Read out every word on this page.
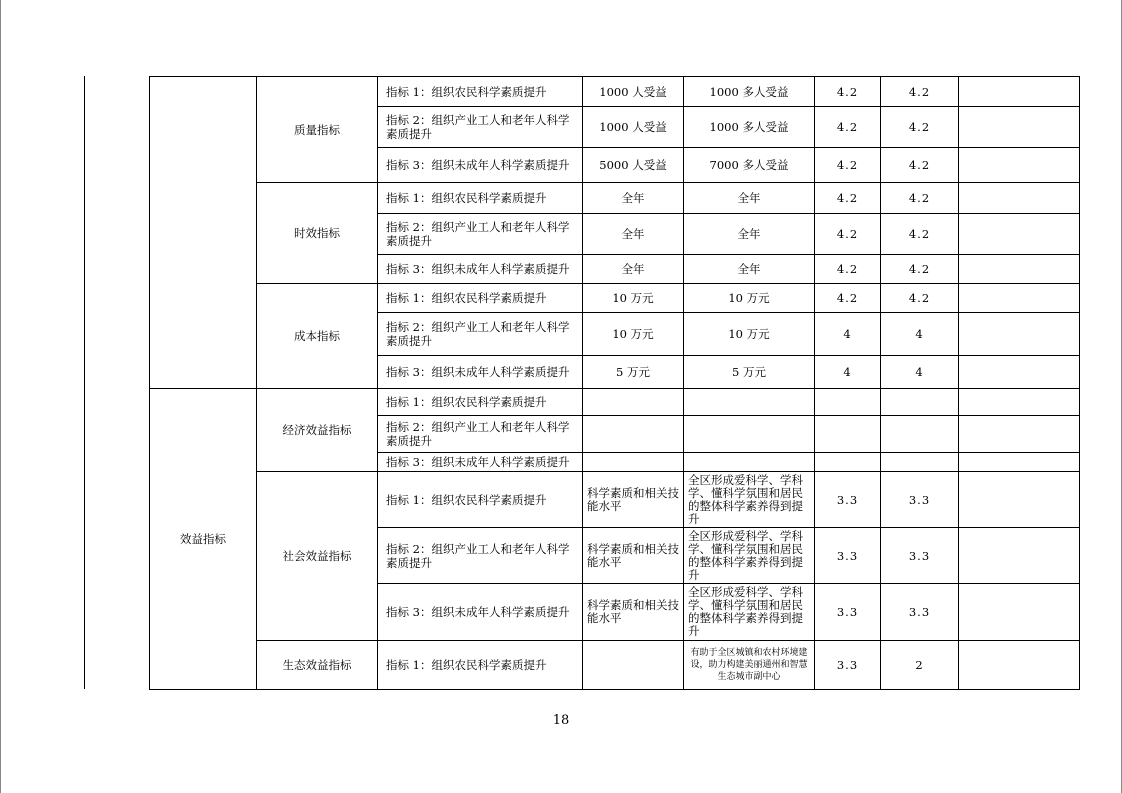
	质量指标	指标 1：组织农民科学素质提升	1000 人受益	1000 多人受益	4.2	4.2	
		指标 2：组织产业工人和老年人科学素质提升	1000 人受益	1000 多人受益	4.2	4.2	
		指标 3：组织未成年人科学素质提升	5000 人受益	7000 多人受益	4.2	4.2	
	时效指标	指标 1：组织农民科学素质提升	全年	全年	4.2	4.2	
		指标 2：组织产业工人和老年人科学素质提升	全年	全年	4.2	4.2	
		指标 3：组织未成年人科学素质提升	全年	全年	4.2	4.2	
	成本指标	指标 1：组织农民科学素质提升	10 万元	10 万元	4.2	4.2	
		指标 2：组织产业工人和老年人科学素质提升	10 万元	10 万元	4	4	
		指标 3：组织未成年人科学素质提升	5 万元	5 万元	4	4	
效益指标	经济效益指标	指标 1：组织农民科学素质提升					
		指标 2：组织产业工人和老年人科学素质提升					
		指标 3：组织未成年人科学素质提升					
	社会效益指标	指标 1：组织农民科学素质提升	科学素质和相关技能水平	全区形成爱科学、学科学、懂科学氛围和居民的整体科学素养得到提升	3.3	3.3	
		指标 2：组织产业工人和老年人科学素质提升	科学素质和相关技能水平	全区形成爱科学、学科学、懂科学氛围和居民的整体科学素养得到提升	3.3	3.3	
		指标 3：组织未成年人科学素质提升	科学素质和相关技能水平	全区形成爱科学、学科学、懂科学氛围和居民的整体科学素养得到提升	3.3	3.3	
	生态效益指标	指标 1：组织农民科学素质提升		有助于全区城镇和农村环境建设，助力构建美丽通州和智慧生态城市副中心	3.3	2	
18
